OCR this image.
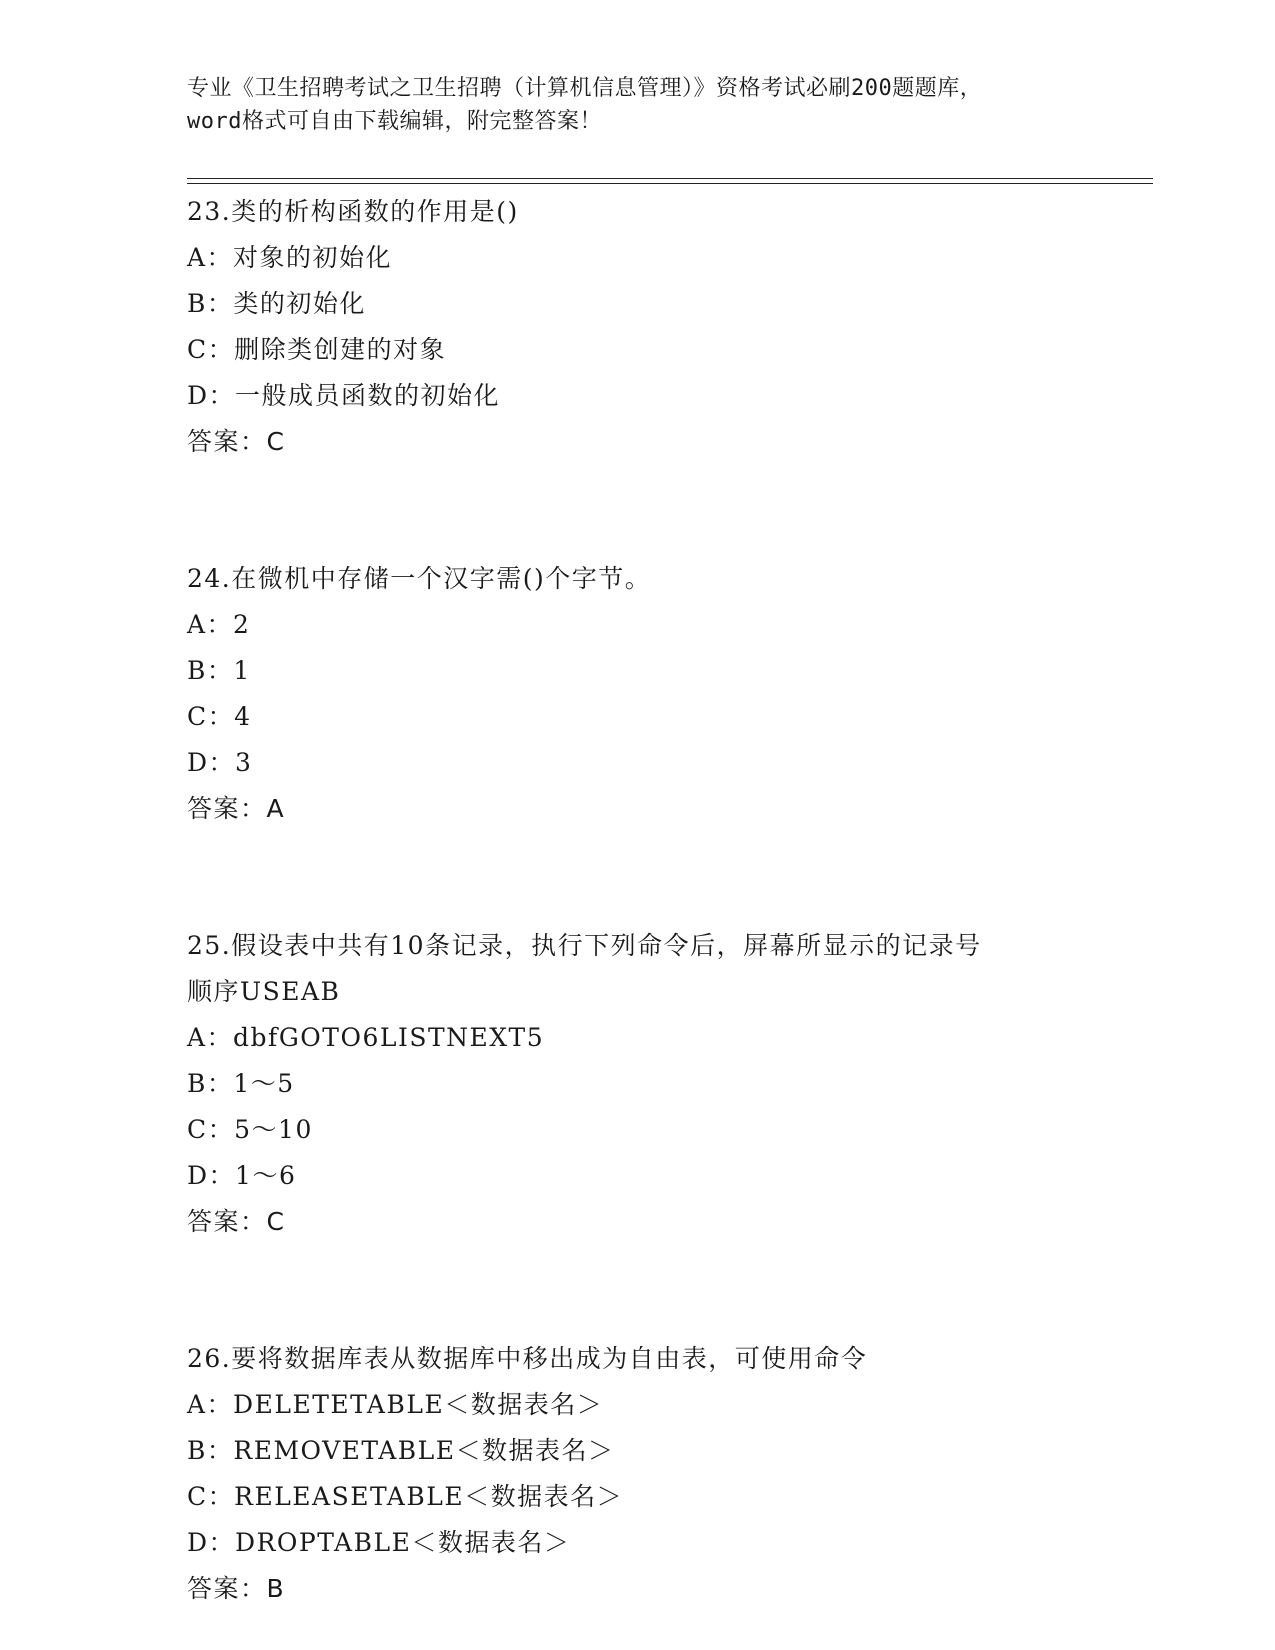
专业《卫生招聘考试之卫生招聘（计算机信息管理）》资格考试必刷200题题库，
word格式可自由下载编辑，附完整答案！
23.类的析构函数的作用是()
A：对象的初始化
B：类的初始化
C：删除类创建的对象
D：一般成员函数的初始化
答案：C
24.在微机中存储一个汉字需()个字节。
A：2
B：1
C：4
D：3
答案：A
25.假设表中共有10条记录，执行下列命令后，屏幕所显示的记录号
顺序USEAB
A：dbfGOTO6LISTNEXT5
B：1～5
C：5～10
D：1～6
答案：C
26.要将数据库表从数据库中移出成为自由表，可使用命令
A：DELETETABLE＜数据表名＞
B：REMOVETABLE＜数据表名＞
C：RELEASETABLE＜数据表名＞
D：DROPTABLE＜数据表名＞
答案：B
